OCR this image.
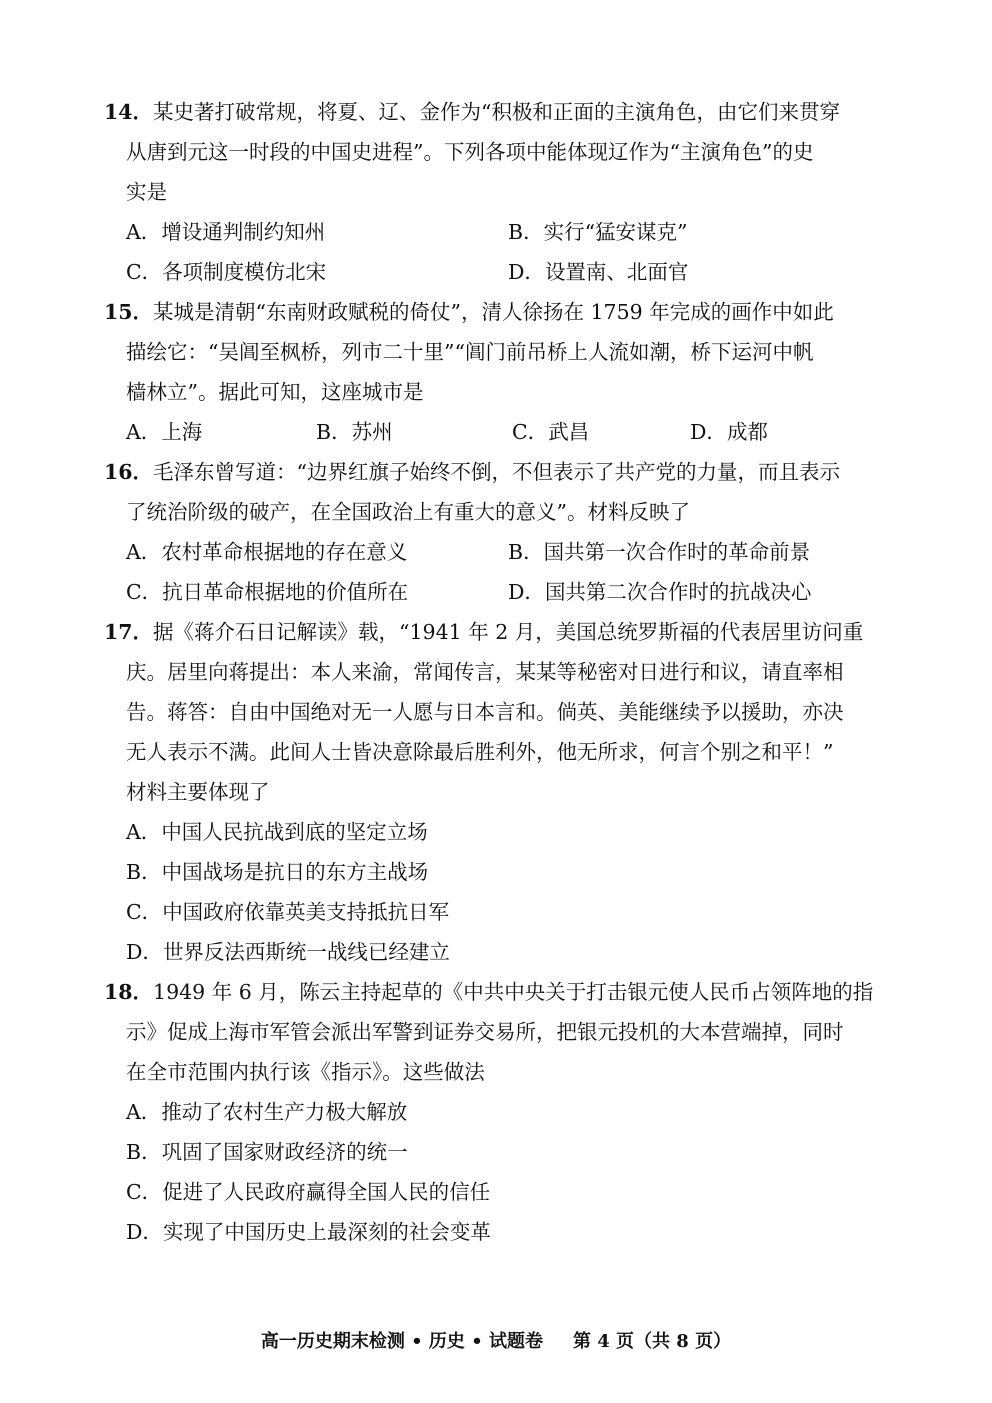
14．某史著打破常规，将夏、辽、金作为“积极和正面的主演角色，由它们来贯穿
从唐到元这一时段的中国史进程”。下列各项中能体现辽作为“主演角色”的史
实是
A．增设通判制约知州	B．实行“猛安谋克”
C．各项制度模仿北宋	D．设置南、北面官
15．某城是清朝“东南财政赋税的倚仗”，清人徐扬在 1759 年完成的画作中如此
描绘它：“吴阊至枫桥，列市二十里”“阊门前吊桥上人流如潮，桥下运河中帆
樯林立”。据此可知，这座城市是
A．上海	B．苏州	C．武昌	D．成都
16．毛泽东曾写道：“边界红旗子始终不倒，不但表示了共产党的力量，而且表示
了统治阶级的破产，在全国政治上有重大的意义”。材料反映了
A．农村革命根据地的存在意义	B．国共第一次合作时的革命前景
C．抗日革命根据地的价值所在	D．国共第二次合作时的抗战决心
17．据《蒋介石日记解读》载，“1941 年 2 月，美国总统罗斯福的代表居里访问重
庆。居里向蒋提出：本人来渝，常闻传言，某某等秘密对日进行和议，请直率相
告。蒋答：自由中国绝对无一人愿与日本言和。倘英、美能继续予以援助，亦决
无人表示不满。此间人士皆决意除最后胜利外，他无所求，何言个别之和平！”
材料主要体现了
A．中国人民抗战到底的坚定立场
B．中国战场是抗日的东方主战场
C．中国政府依靠英美支持抵抗日军
D．世界反法西斯统一战线已经建立
18．1949 年 6 月，陈云主持起草的《中共中央关于打击银元使人民币占领阵地的指
示》促成上海市军管会派出军警到证券交易所，把银元投机的大本营端掉，同时
在全市范围内执行该《指示》。这些做法
A．推动了农村生产力极大解放
B．巩固了国家财政经济的统一
C．促进了人民政府赢得全国人民的信任
D．实现了中国历史上最深刻的社会变革
高一历史期末检测 • 历史 • 试题卷 第 4 页（共 8 页）
